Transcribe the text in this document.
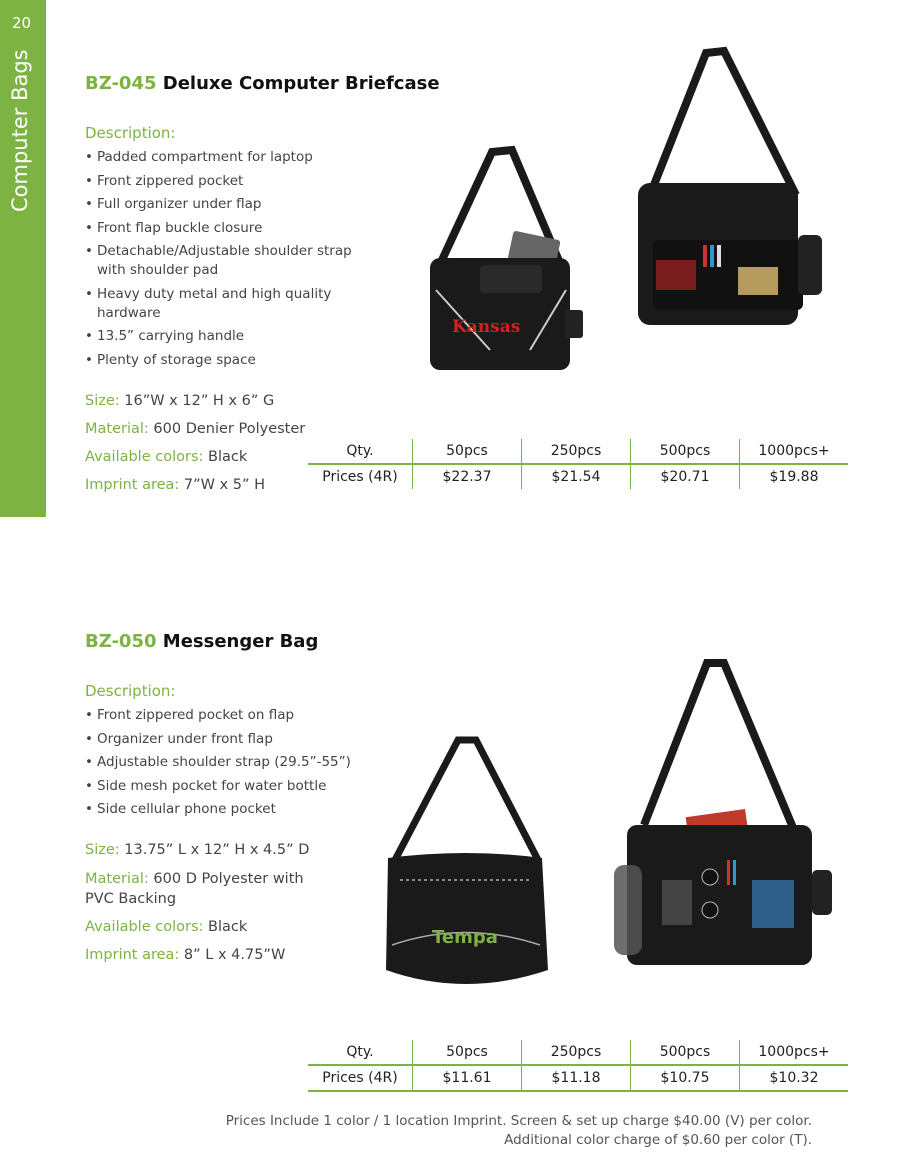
20
Computer Bags	BZ-045 Deluxe Computer Briefcase
Description:
• Padded compartment for laptop
• Front zippered pocket
• Full organizer under flap
• Front flap buckle closure
• Detachable/Adjustable shoulder strap with shoulder pad
• Heavy duty metal and high quality hardware
• 13.5” carrying handle
• Plenty of storage space
Size: 16”W x 12” H x 6” G
Material: 600 Denier Polyester
Available colors: Black
Imprint area: 7”W x 5” H
Qty.	50pcs	250pcs	500pcs	1000pcs+
Prices (4R)	$22.37	$21.54	$20.71	$19.88
Kansas
BZ-050 Messenger Bag
Description:
• Front zippered pocket on flap
• Organizer under front flap
• Adjustable shoulder strap (29.5”-55”)
• Side mesh pocket for water bottle
• Side cellular phone pocket
Size: 13.75” L x 12” H x 4.5” D
Material: 600 D Polyester with PVC Backing
Available colors: Black
Imprint area: 8” L x 4.75”W
Qty.	50pcs	250pcs	500pcs	1000pcs+
Prices (4R)	$11.61	$11.18	$10.75	$10.32
Tempa
Prices Include 1 color / 1 location Imprint. Screen & set up charge $40.00 (V) per color.
Additional color charge of $0.60 per color (T).
